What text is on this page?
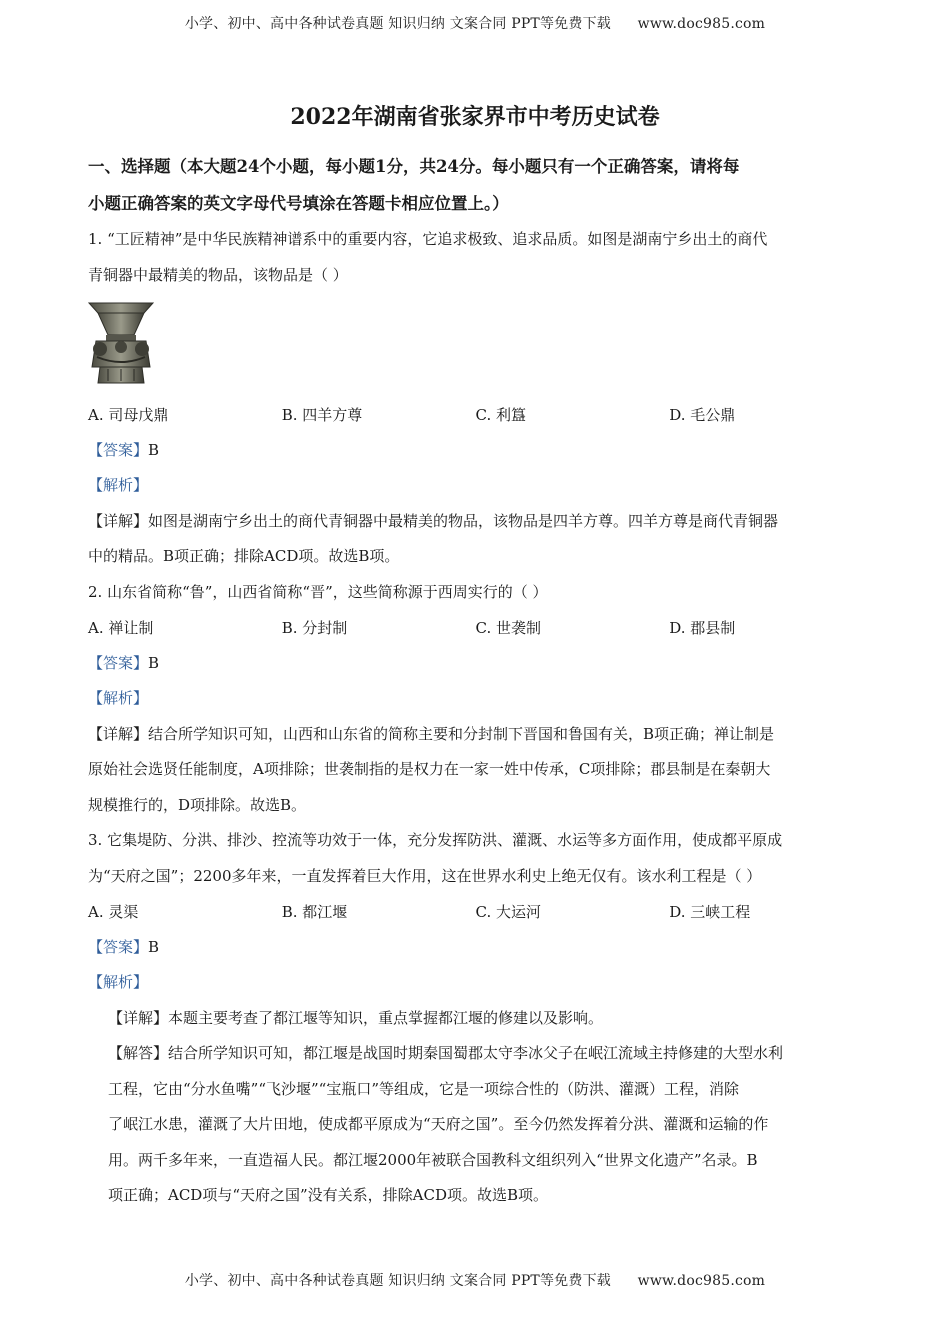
小学、初中、高中各种试卷真题 知识归纳 文案合同 PPT等免费下载 www.doc985.com
2022年湖南省张家界市中考历史试卷

一、选择题（本大题24个小题，每小题1分，共24分。每小题只有一个正确答案，请将每

小题正确答案的英文字母代号填涂在答题卡相应位置上。）

1. “工匠精神”是中华民族精神谱系中的重要内容，它追求极致、追求品质。如图是湖南宁乡出土的商代

青铜器中最精美的物品，该物品是（ ）

A. 司母戊鼎	B. 四羊方尊	C. 利簋	D. 毛公鼎

【答案】B

【解析】

【详解】如图是湖南宁乡出土的商代青铜器中最精美的物品，该物品是四羊方尊。四羊方尊是商代青铜器

中的精品。B项正确；排除ACD项。故选B项。

2. 山东省简称“鲁”，山西省简称“晋”，这些简称源于西周实行的（ ）

A. 禅让制	B. 分封制	C. 世袭制	D. 郡县制

【答案】B

【解析】

【详解】结合所学知识可知，山西和山东省的简称主要和分封制下晋国和鲁国有关，B项正确；禅让制是

原始社会选贤任能制度，A项排除；世袭制指的是权力在一家一姓中传承，C项排除；郡县制是在秦朝大

规模推行的，D项排除。故选B。

3. 它集堤防、分洪、排沙、控流等功效于一体，充分发挥防洪、灌溉、水运等多方面作用，使成都平原成

为“天府之国”；2200多年来，一直发挥着巨大作用，这在世界水利史上绝无仅有。该水利工程是（ ）

A. 灵渠	B. 都江堰	C. 大运河	D. 三峡工程

【答案】B

【解析】

【详解】本题主要考查了都江堰等知识，重点掌握都江堰的修建以及影响。

【解答】结合所学知识可知，都江堰是战国时期秦国蜀郡太守李冰父子在岷江流域主持修建的大型水利

工程，它由“分水鱼嘴”“飞沙堰”“宝瓶口”等组成，它是一项综合性的（防洪、灌溉）工程，消除

了岷江水患，灌溉了大片田地，使成都平原成为“天府之国”。至今仍然发挥着分洪、灌溉和运输的作

用。两千多年来，一直造福人民。都江堰2000年被联合国教科文组织列入“世界文化遗产”名录。B

项正确；ACD项与“天府之国”没有关系，排除ACD项。故选B项。

小学、初中、高中各种试卷真题 知识归纳 文案合同 PPT等免费下载 www.doc985.com
